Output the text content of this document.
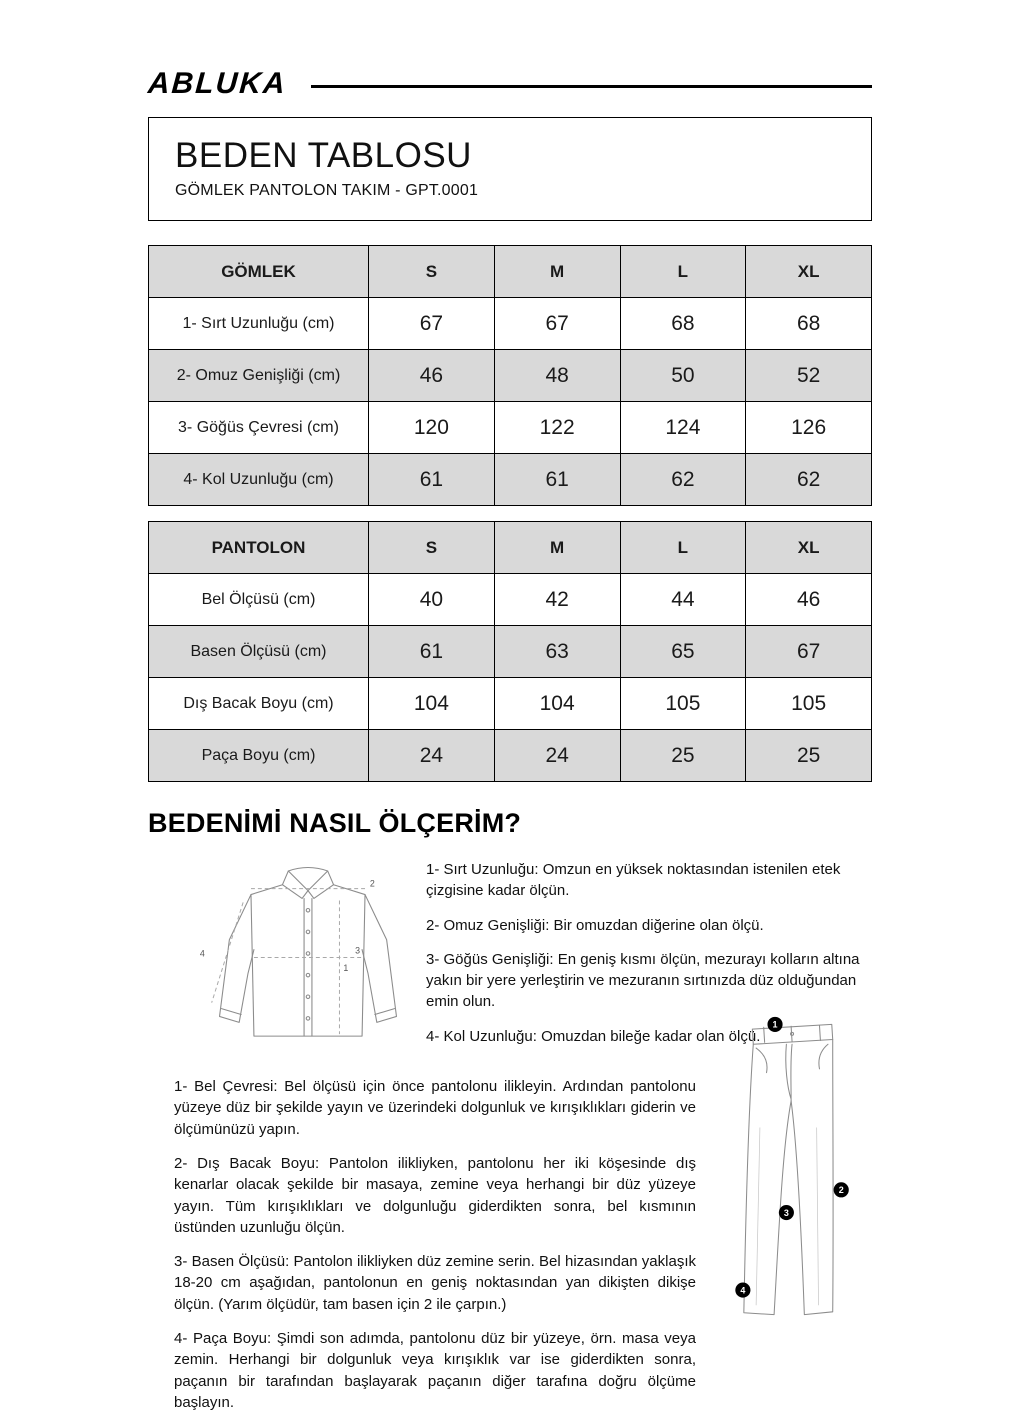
ABLUKA
BEDEN TABLOSU
GÖMLEK PANTOLON TAKIM - GPT.0001
GÖMLEK	S	M	L	XL
1- Sırt Uzunluğu (cm)	67	67	68	68
2- Omuz Genişliği (cm)	46	48	50	52
3- Göğüs Çevresi (cm)	120	122	124	126
4- Kol Uzunluğu (cm)	61	61	62	62
PANTOLON	S	M	L	XL
Bel Ölçüsü (cm)	40	42	44	46
Basen Ölçüsü (cm)	61	63	65	67
Dış Bacak Boyu (cm)	104	104	105	105
Paça Boyu (cm)	24	24	25	25
BEDENİMİ NASIL ÖLÇERİM?
1
2
3
4

1- Sırt Uzunluğu: Omzun en yüksek noktasından istenilen etek çizgisine kadar ölçün.

2- Omuz Genişliği: Bir omuzdan diğerine olan ölçü.

3- Göğüs Genişliği: En geniş kısmı ölçün, mezurayı kolların altına yakın bir yere yerleştirin ve mezuranın sırtınızda düz olduğundan emin olun.

4- Kol Uzunluğu: Omuzdan bileğe kadar olan ölçü.

1- Bel Çevresi: Bel ölçüsü için önce pantolonu ilikleyin. Ardından pantolonu yüzeye düz bir şekilde yayın ve üzerindeki dolgunluk ve kırışıklıkları giderin ve ölçümünüzü yapın.

2- Dış Bacak Boyu: Pantolon ilikliyken, pantolonu her iki köşesinde dış kenarlar olacak şekilde bir masaya, zemine veya herhangi bir düz yüzeye yayın. Tüm kırışıklıkları ve dolgunluğu giderdikten sonra, bel kısmının üstünden uzunluğu ölçün.

3- Basen Ölçüsü: Pantolon ilikliyken düz zemine serin. Bel hizasından yaklaşık 18-20 cm aşağıdan, pantolonun en geniş noktasından yan dikişten dikişe ölçün. (Yarım ölçüdür, tam basen için 2 ile çarpın.)

4- Paça Boyu: Şimdi son adımda, pantolonu düz bir yüzeye, örn. masa veya zemin. Herhangi bir dolgunluk veya kırışıklık var ise giderdikten sonra, paçanın bir tarafından başlayarak paçanın diğer tarafına doğru ölçüme başlayın.

1
2
3
4
